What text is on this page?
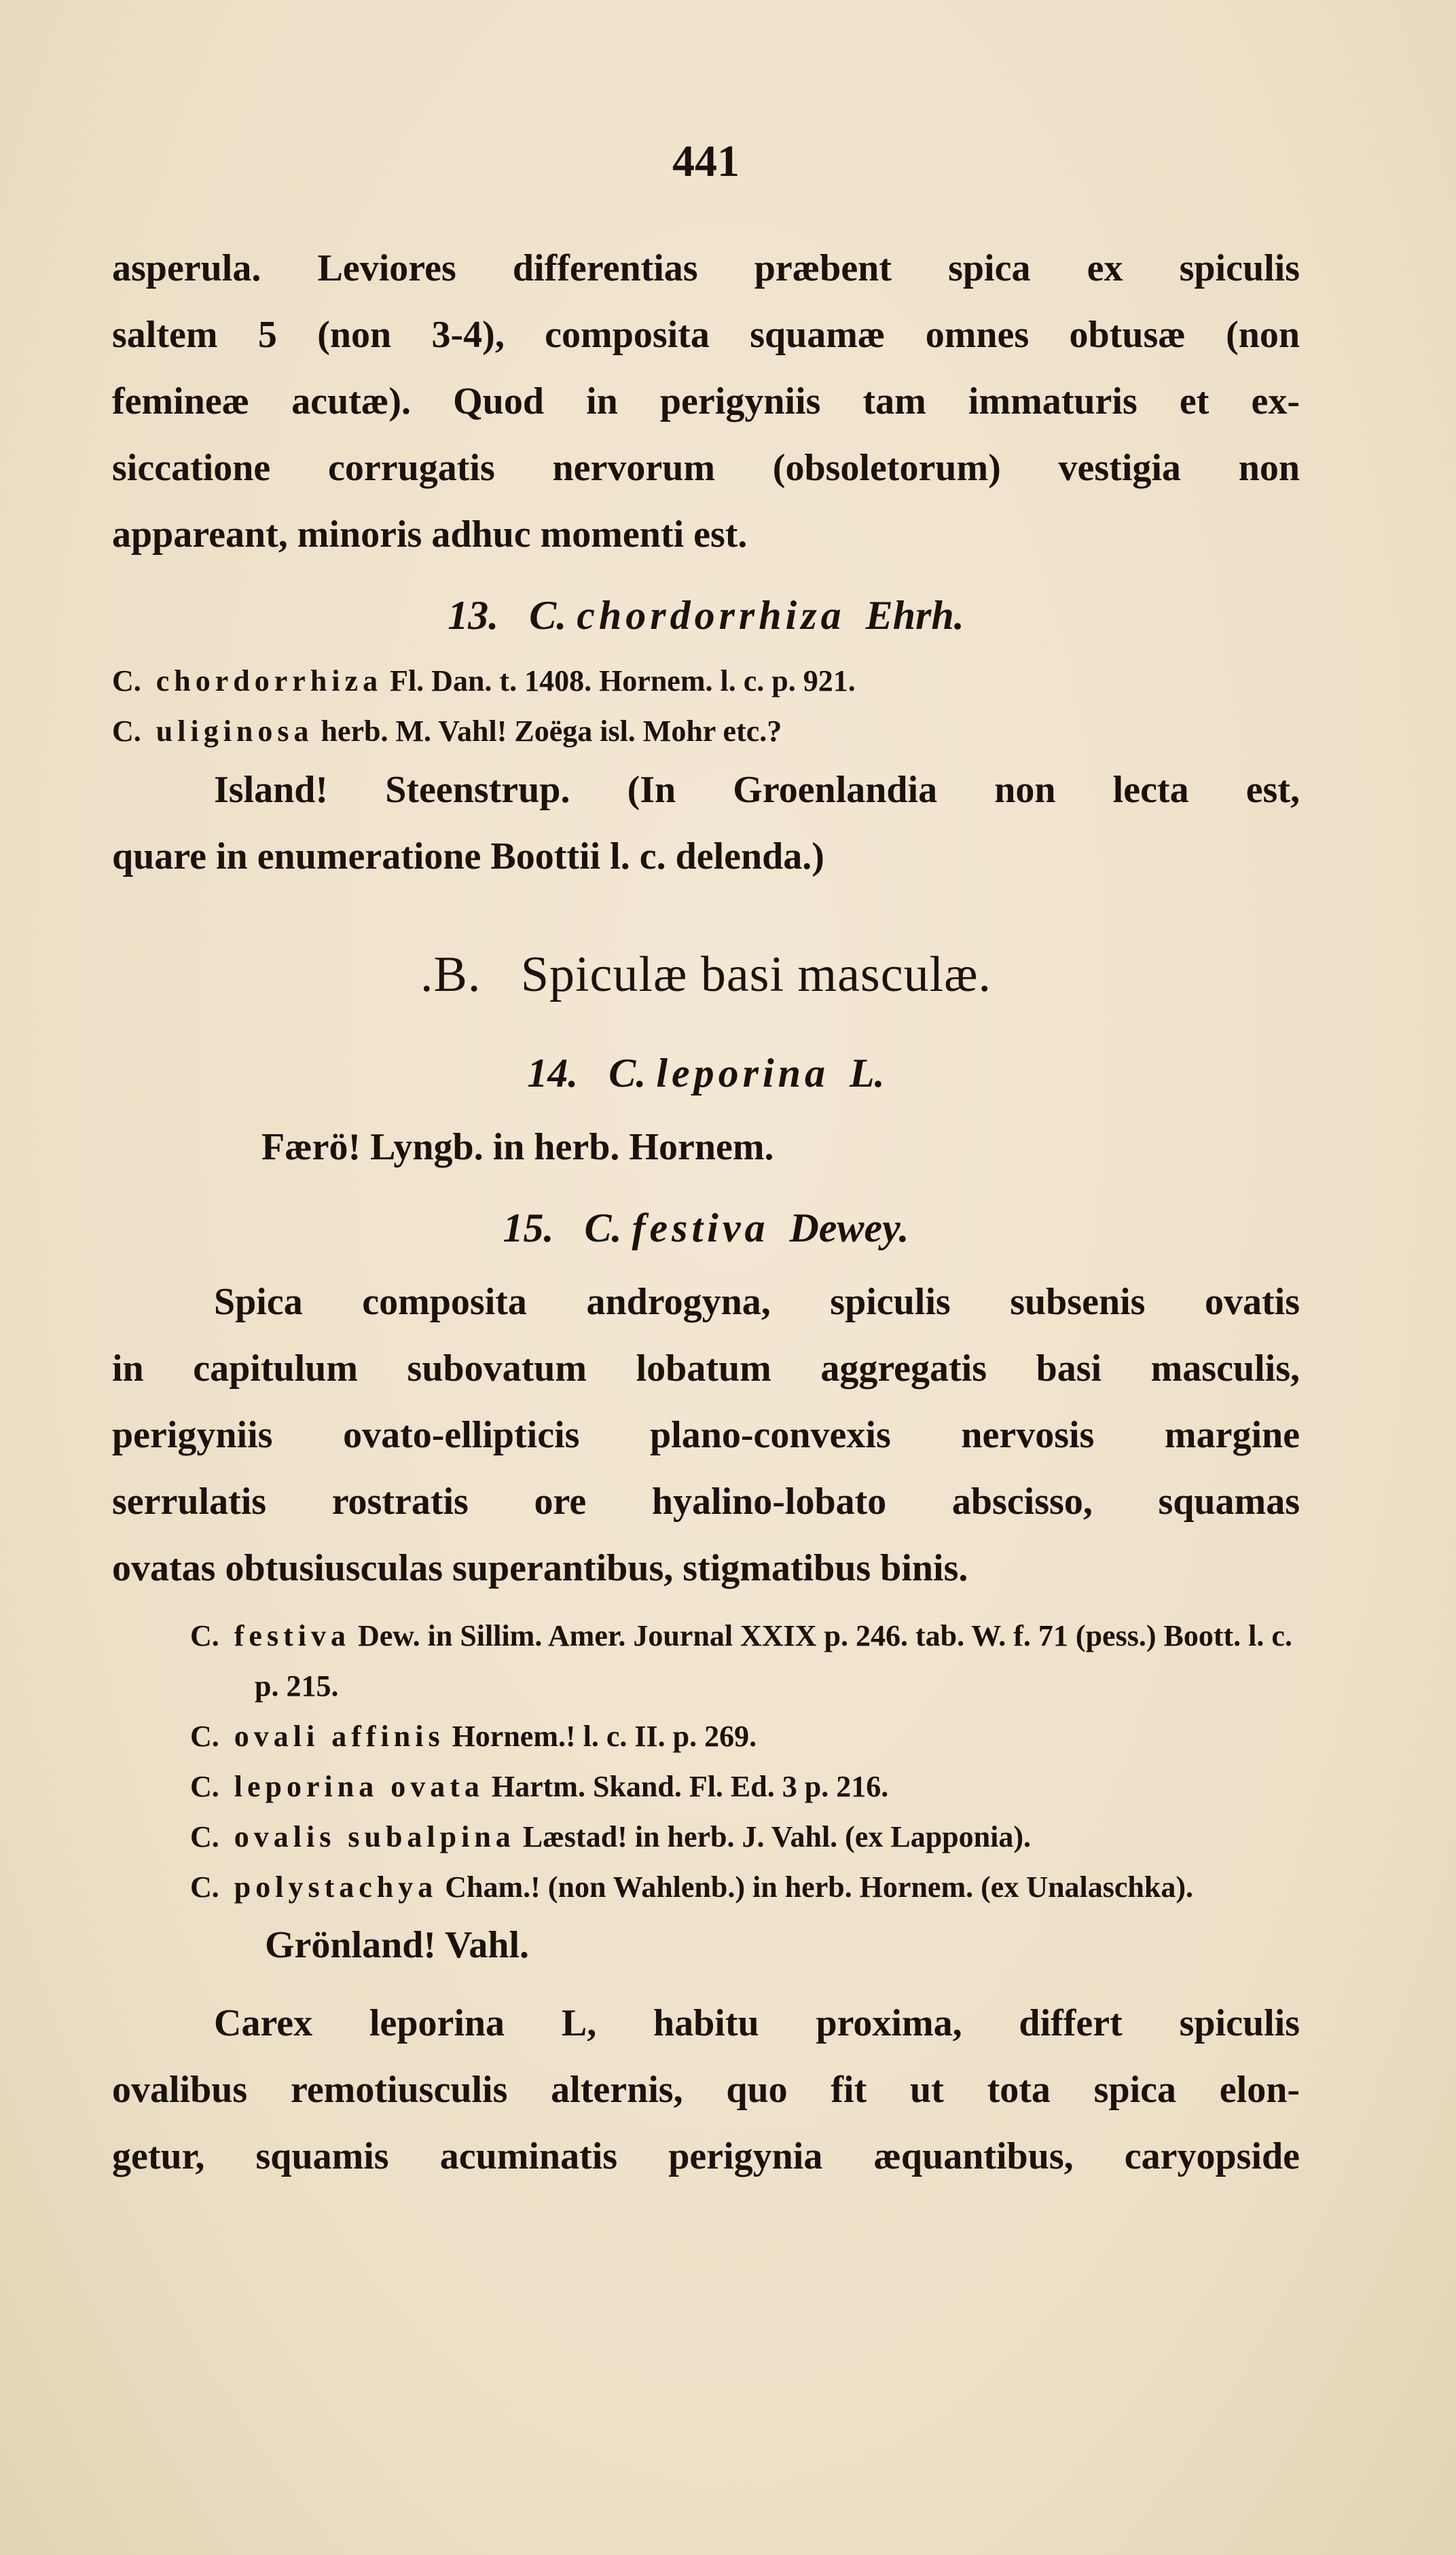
441

asperula. Leviores differentias præbent spica ex spiculis

saltem 5 (non 3-4), composita squamæ omnes obtusæ (non

femineæ acutæ). Quod in perigyniis tam immaturis et ex-

siccatione corrugatis nervorum (obsoletorum) vestigia non

appareant, minoris adhuc momenti est.

13. C. chordorrhiza Ehrh.

C. chordorrhiza Fl. Dan. t. 1408. Hornem. l. c. p. 921.

C. uliginosa herb. M. Vahl! Zoëga isl. Mohr etc.?

Island! Steenstrup. (In Groenlandia non lecta est,

quare in enumeratione Boottii l. c. delenda.)

.B. Spiculæ basi masculæ.
14. C. leporina L.

Færö! Lyngb. in herb. Hornem.

15. C. festiva Dewey.

Spica composita androgyna, spiculis subsenis ovatis

in capitulum subovatum lobatum aggregatis basi masculis,

perigyniis ovato-ellipticis plano-convexis nervosis margine

serrulatis rostratis ore hyalino-lobato abscisso, squamas

ovatas obtusiusculas superantibus, stigmatibus binis.

C. festiva Dew. in Sillim. Amer. Journal XXIX p. 246. tab. W. f. 71 (pess.) Boott. l. c. p. 215.

C. ovali affinis Hornem.! l. c. II. p. 269.

C. leporina ovata Hartm. Skand. Fl. Ed. 3 p. 216.

C. ovalis subalpina Læstad! in herb. J. Vahl. (ex Lapponia).

C. polystachya Cham.! (non Wahlenb.) in herb. Hornem. (ex Unalaschka).

Grönland! Vahl.

Carex leporina L, habitu proxima, differt spiculis

ovalibus remotiusculis alternis, quo fit ut tota spica elon-

getur, squamis acuminatis perigynia æquantibus, caryopside
